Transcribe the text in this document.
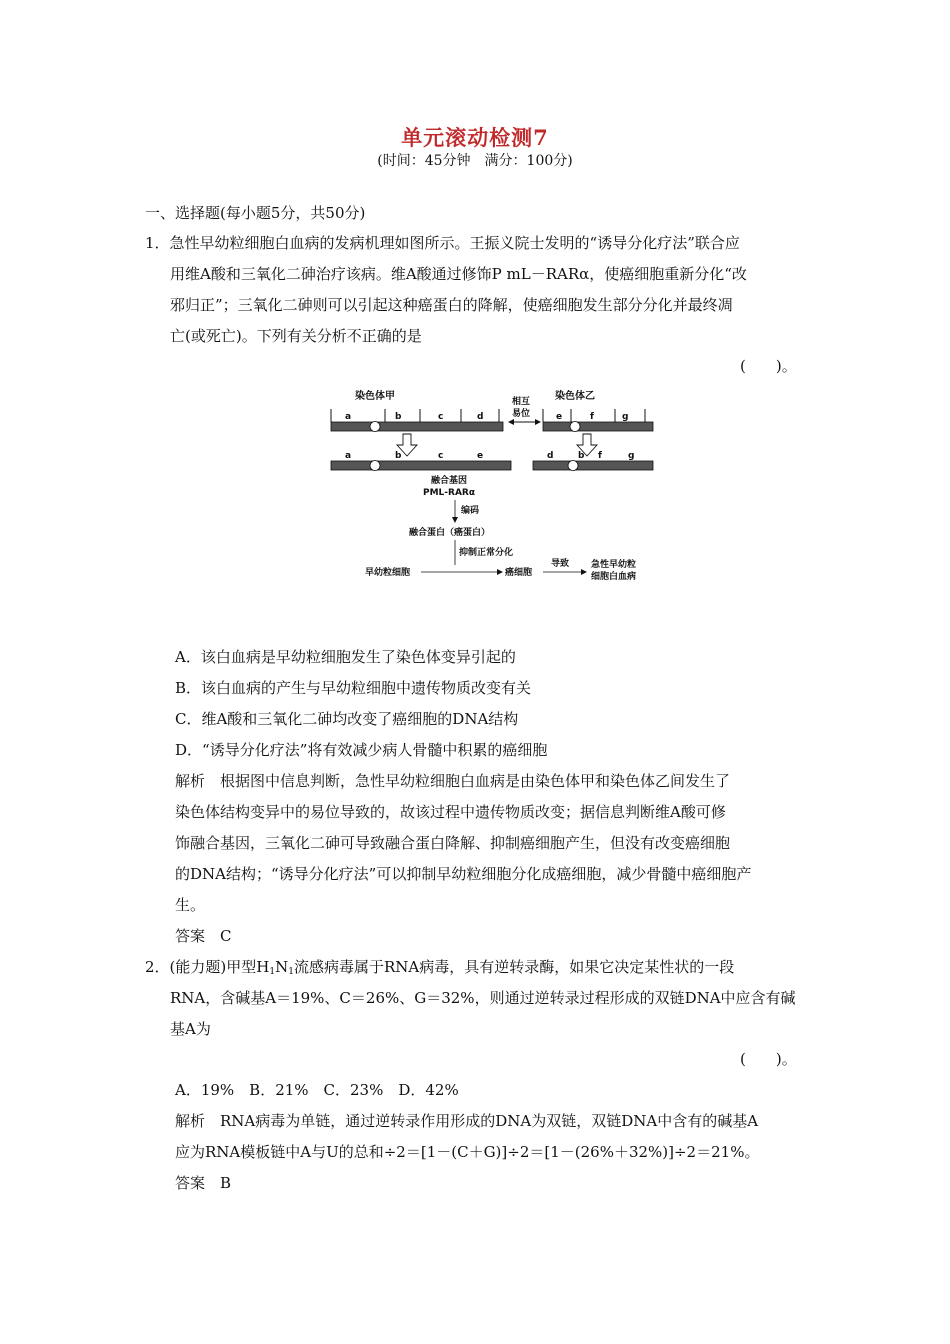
单元滚动检测7
(时间：45分钟　满分：100分)
一、选择题(每小题5分，共50分)
1．急性早幼粒细胞白血病的发病机理如图所示。王振义院士发明的“诱导分化疗法”联合应
用维A酸和三氧化二砷治疗该病。维A酸通过修饰P mL－RARα，使癌细胞重新分化“改
邪归正”；三氧化二砷则可以引起这种癌蛋白的降解，使癌细胞发生部分分化并最终凋
亡(或死亡)。下列有关分析不正确的是
(　　)。
染色体甲	染色体乙
相互
易位
a	b	c	d	e	f	g
a	b	c	e	d	b f	g
融合基因
PML-RARα
编码
融合蛋白（癌蛋白）
抑制正常分化
早幼粒细胞	癌细胞
导致 急性早幼粒
细胞白血病
A．该白血病是早幼粒细胞发生了染色体变异引起的
B．该白血病的产生与早幼粒细胞中遗传物质改变有关
C．维A酸和三氧化二砷均改变了癌细胞的DNA结构
D．“诱导分化疗法”将有效减少病人骨髓中积累的癌细胞
解析　根据图中信息判断，急性早幼粒细胞白血病是由染色体甲和染色体乙间发生了
染色体结构变异中的易位导致的，故该过程中遗传物质改变；据信息判断维A酸可修
饰融合基因，三氧化二砷可导致融合蛋白降解、抑制癌细胞产生，但没有改变癌细胞
的DNA结构；“诱导分化疗法”可以抑制早幼粒细胞分化成癌细胞，减少骨髓中癌细胞产
生。
答案　C
2．(能力题)甲型$H_1N_1$流感病毒属于RNA病毒，具有逆转录酶，如果它决定某性状的一段
RNA，含碱基A＝19%、C＝26%、G＝32%，则通过逆转录过程形成的双链DNA中应含有碱
基A为
(　　)。
A．19%　B．21%　C．23%　D．42%
解析　RNA病毒为单链，通过逆转录作用形成的DNA为双链，双链DNA中含有的碱基A
应为RNA模板链中A与U的总和÷2＝[1－(C＋G)]÷2＝[1－(26%＋32%)]÷2＝21%。
答案　B
